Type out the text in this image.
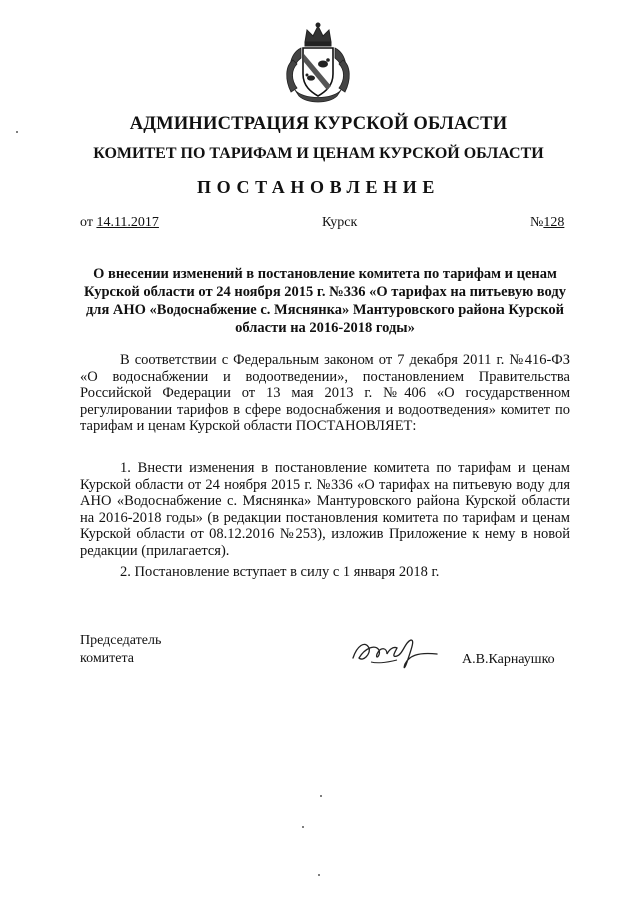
АДМИНИСТРАЦИЯ КУРСКОЙ ОБЛАСТИ
КОМИТЕТ ПО ТАРИФАМ И ЦЕНАМ КУРСКОЙ ОБЛАСТИ
ПОСТАНОВЛЕНИЕ
от 14.11.2017	Курск	№128
О внесении изменений в постановление комитета по тарифам и ценам Курской области от 24 ноября 2015 г. №336 «О тарифах на питьевую воду для АНО «Водоснабжение с. Мяснянка» Мантуровского района Курской области на 2016-2018 годы»
В соответствии с Федеральным законом от 7 декабря 2011 г. №416-ФЗ «О водоснабжении и водоотведении», постановлением Правительства Российской Федерации от 13 мая 2013 г. №406 «О государственном регулировании тарифов в сфере водоснабжения и водоотведения» комитет по тарифам и ценам Курской области ПОСТАНОВЛЯЕТ:
1. Внести изменения в постановление комитета по тарифам и ценам Курской области от 24 ноября 2015 г. №336 «О тарифах на питьевую воду для АНО «Водоснабжение с. Мяснянка» Мантуровского района Курской области на 2016-2018 годы» (в редакции постановления комитета по тарифам и ценам Курской области от 08.12.2016 №253), изложив Приложение к нему в новой редакции (прилагается).
2. Постановление вступает в силу с 1 января 2018 г.
Председатель
комитета	А.В.Карнаушко
